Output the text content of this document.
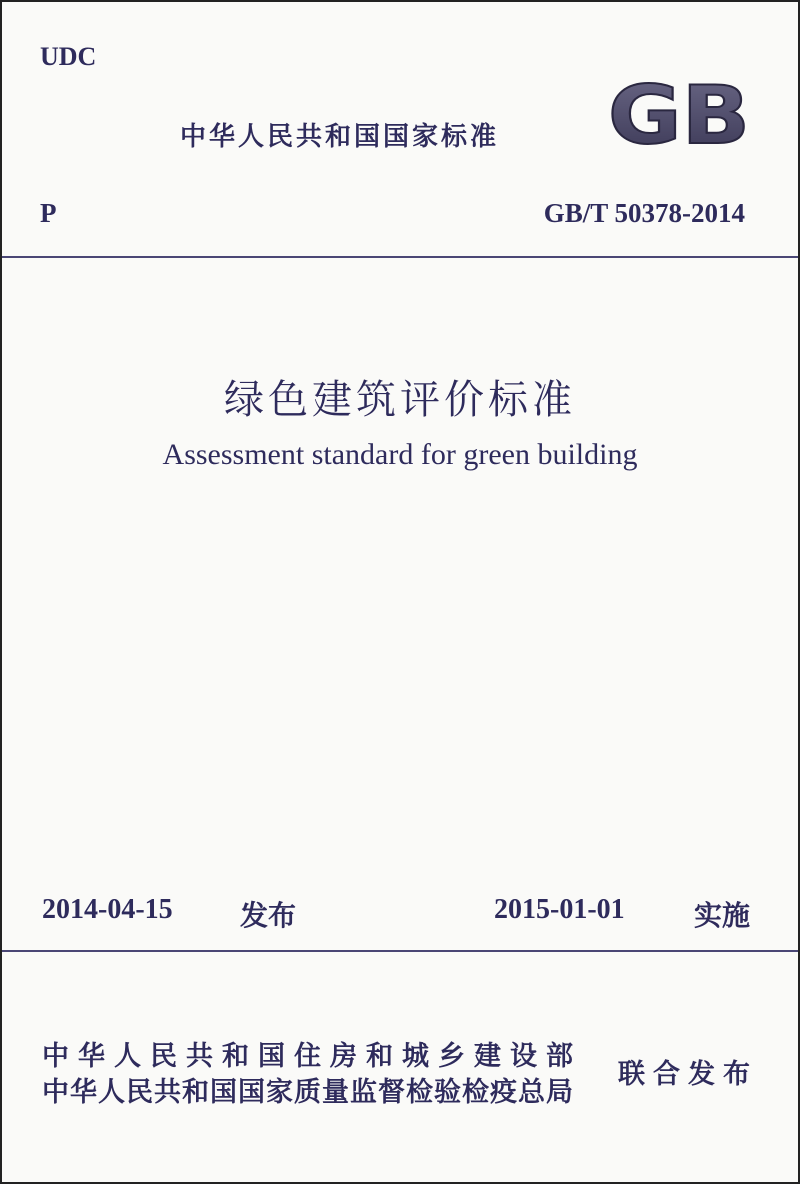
UDC
中华人民共和国国家标准 GB
P	GB/T 50378-2014
绿色建筑评价标准
Assessment standard for green building
2014-04-15 发布	2015-01-01 实施
中华人民共和国住房和城乡建设部
中华人民共和国国家质量监督检验检疫总局
联合发布
